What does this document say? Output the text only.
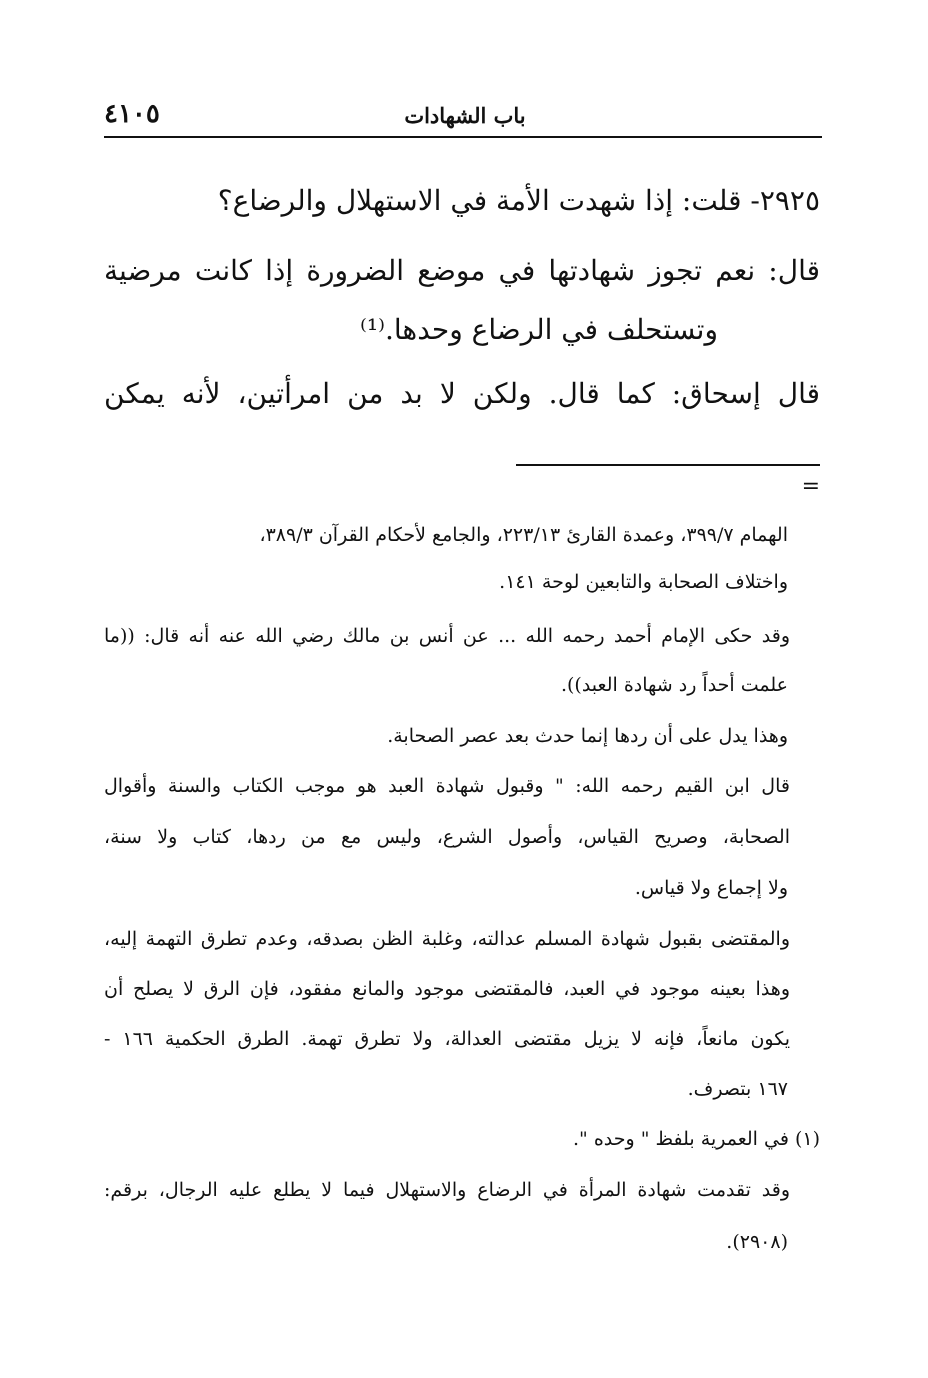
باب الشهادات
٤١٠٥
٢٩٢٥- قلت: إذا شهدت الأمة في الاستهلال والرضاع؟
قال: نعم تجوز شهادتها في موضع الضرورة إذا كانت مرضية
وتستحلف في الرضاع وحدها.⁽¹⁾
قال إسحاق: كما قال. ولكن لا بد من امرأتين، لأنه يمكن
=
الهمام ٣٩٩/٧، وعمدة القارئ ٢٢٣/١٣، والجامع لأحكام القرآن ٣٨٩/٣،
واختلاف الصحابة والتابعين لوحة ١٤١.
وقد حكى الإمام أحمد رحمه الله ... عن أنس بن مالك رضي الله عنه أنه قال: ((ما
علمت أحداً رد شهادة العبد)).
وهذا يدل على أن ردها إنما حدث بعد عصر الصحابة.
قال ابن القيم رحمه الله: " وقبول شهادة العبد هو موجب الكتاب والسنة وأقوال
الصحابة، وصريح القياس، وأصول الشرع، وليس مع من ردها، كتاب ولا سنة،
ولا إجماع ولا قياس.
والمقتضى بقبول شهادة المسلم عدالته، وغلبة الظن بصدقه، وعدم تطرق التهمة إليه،
وهذا بعينه موجود في العبد، فالمقتضى موجود والمانع مفقود، فإن الرق لا يصلح أن
يكون مانعاً، فإنه لا يزيل مقتضى العدالة، ولا تطرق تهمة. الطرق الحكمية ١٦٦ -
١٦٧ بتصرف.
(١) في العمرية بلفظ " وحده ".
وقد تقدمت شهادة المرأة في الرضاع والاستهلال فيما لا يطلع عليه الرجال، برقم:
(٢٩٠٨).
